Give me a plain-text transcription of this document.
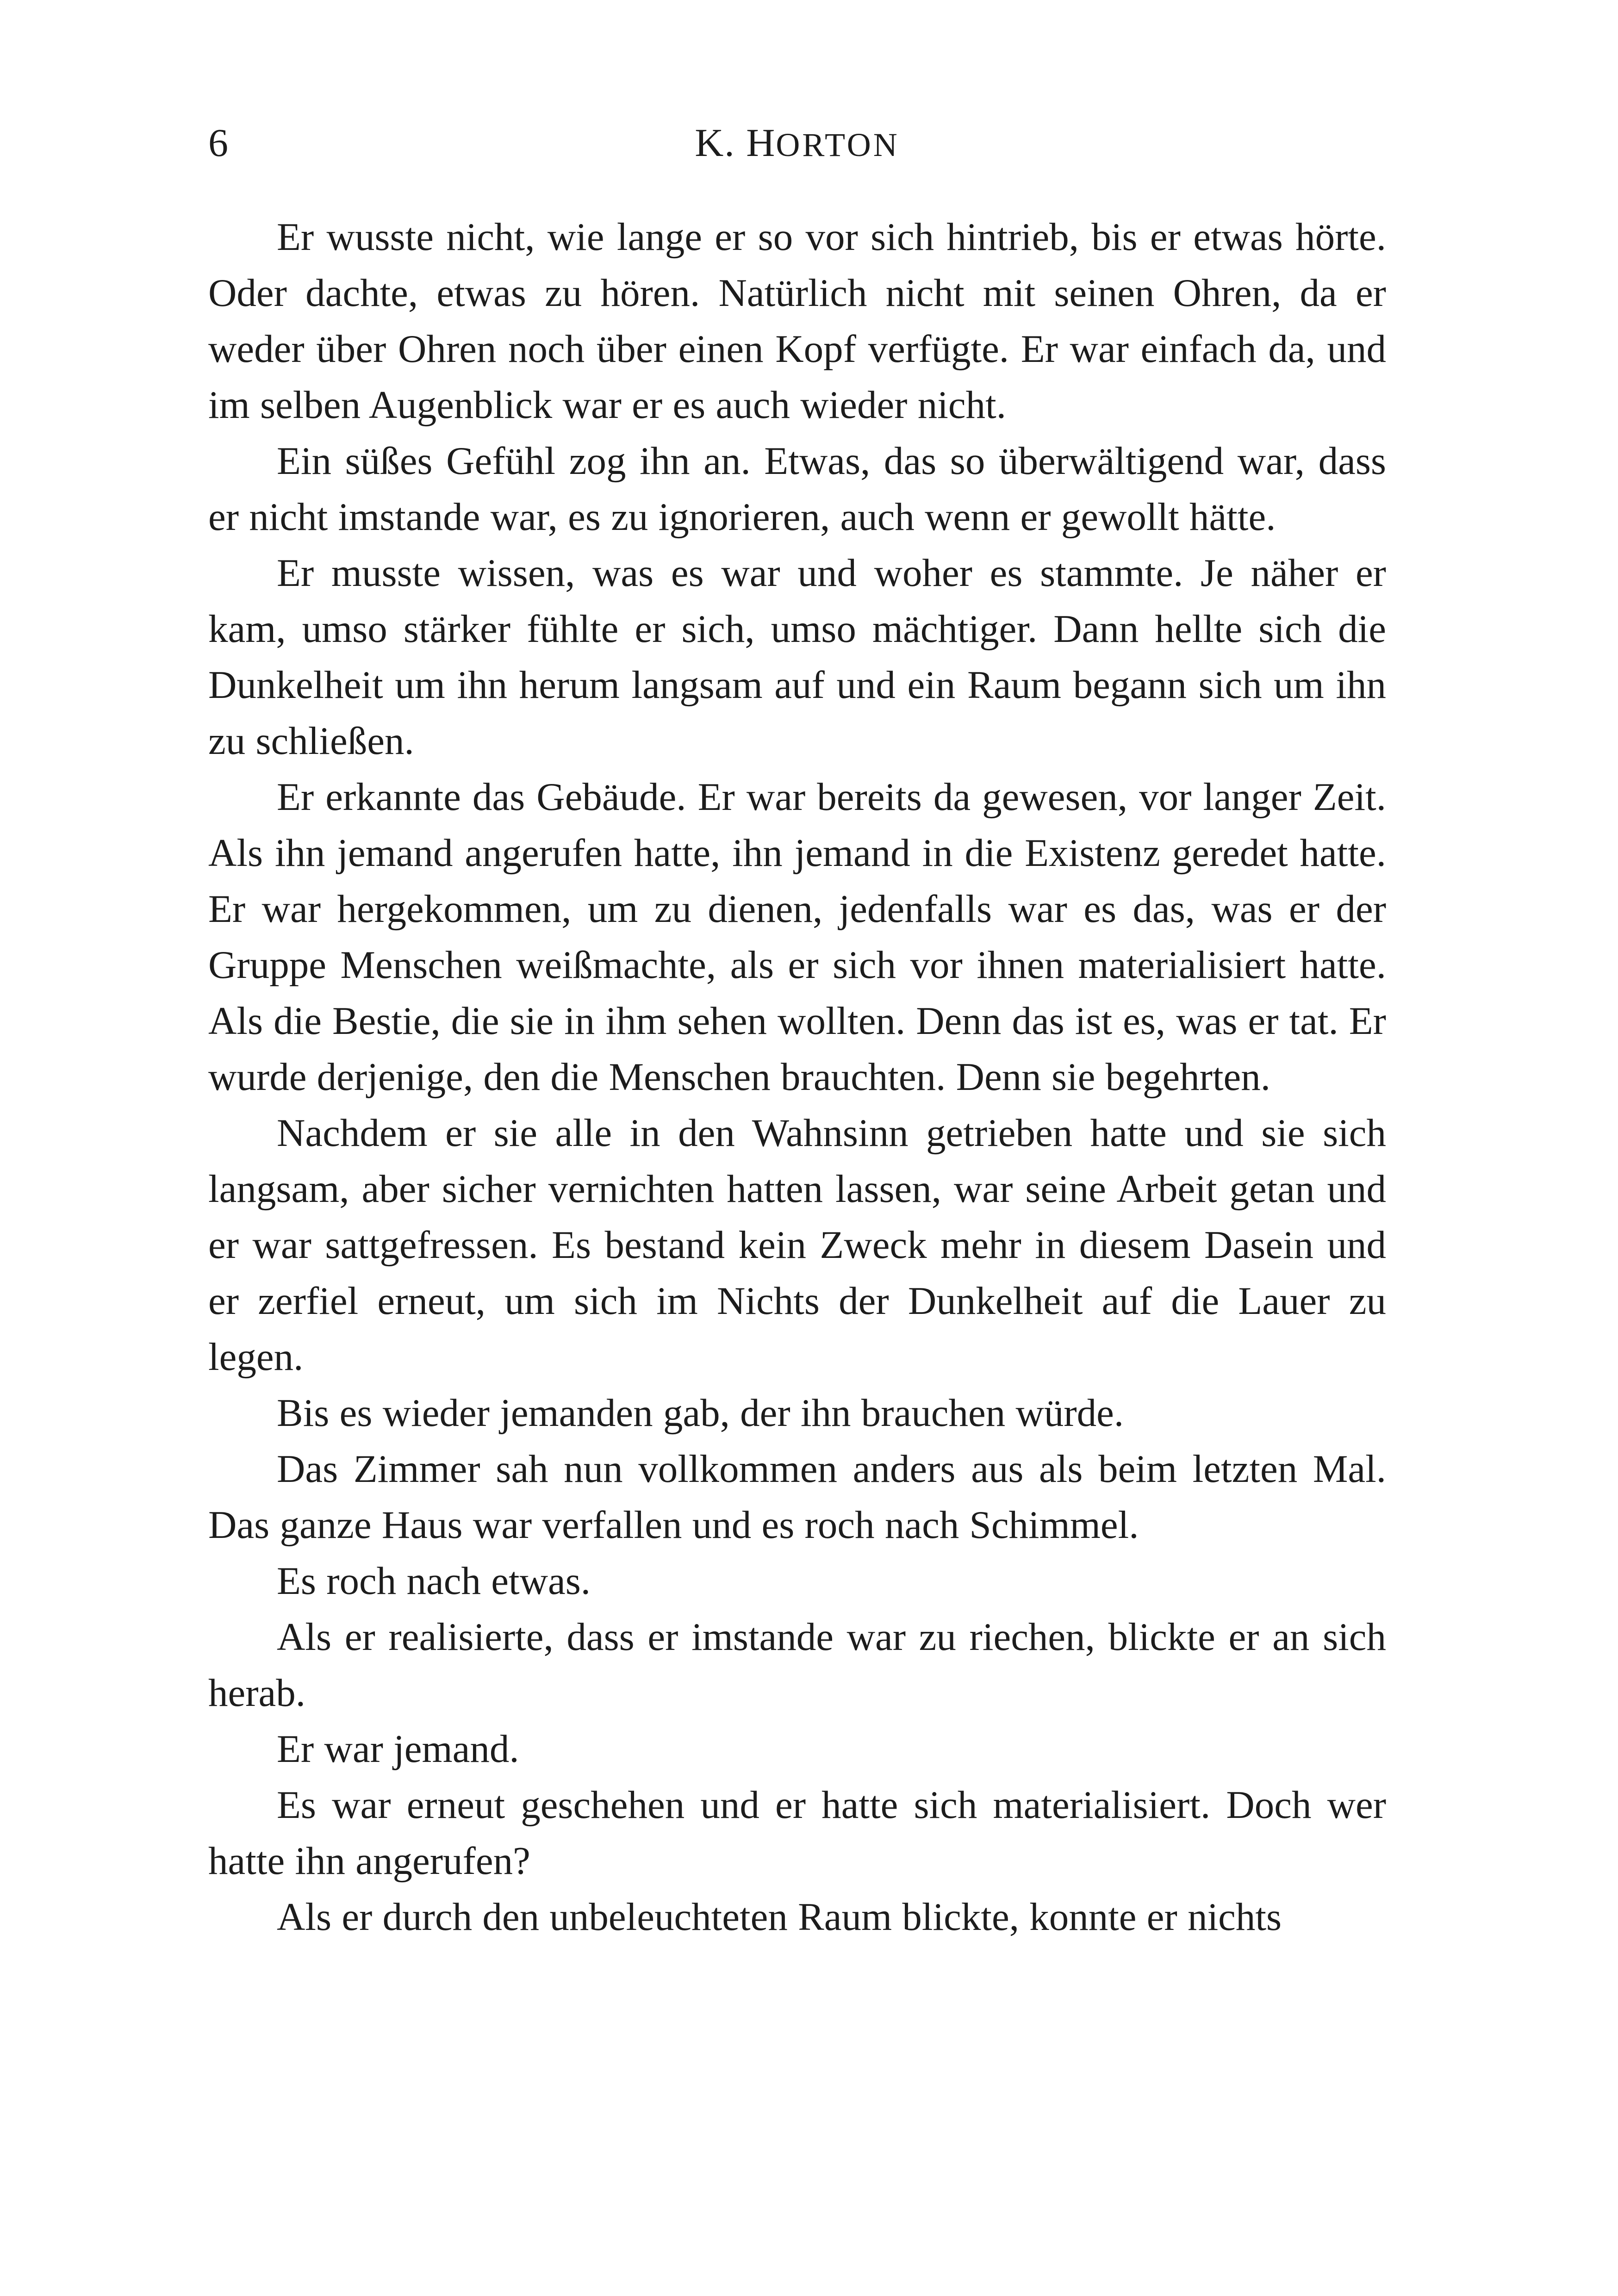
6	K. HORTON

Er wusste nicht, wie lange er so vor sich hintrieb, bis er etwas hörte. Oder dachte, etwas zu hören. Natürlich nicht mit seinen Ohren, da er weder über Ohren noch über einen Kopf verfügte. Er war einfach da, und im selben Augenblick war er es auch wieder nicht.

Ein süßes Gefühl zog ihn an. Etwas, das so überwältigend war, dass er nicht imstande war, es zu ignorieren, auch wenn er gewollt hätte.

Er musste wissen, was es war und woher es stammte. Je näher er kam, umso stärker fühlte er sich, umso mächtiger. Dann hellte sich die Dunkelheit um ihn herum langsam auf und ein Raum begann sich um ihn zu schließen.

Er erkannte das Gebäude. Er war bereits da gewesen, vor langer Zeit. Als ihn jemand angerufen hatte, ihn jemand in die Existenz geredet hatte. Er war hergekommen, um zu dienen, jedenfalls war es das, was er der Gruppe Menschen weißmachte, als er sich vor ihnen materialisiert hatte. Als die Bestie, die sie in ihm sehen wollten. Denn das ist es, was er tat. Er wurde derjenige, den die Menschen brauchten. Denn sie begehrten.

Nachdem er sie alle in den Wahnsinn getrieben hatte und sie sich langsam, aber sicher vernichten hatten lassen, war seine Arbeit getan und er war sattgefressen. Es bestand kein Zweck mehr in diesem Dasein und er zerfiel erneut, um sich im Nichts der Dunkelheit auf die Lauer zu legen.

Bis es wieder jemanden gab, der ihn brauchen würde.

Das Zimmer sah nun vollkommen anders aus als beim letzten Mal. Das ganze Haus war verfallen und es roch nach Schimmel.

Es roch nach etwas.

Als er realisierte, dass er imstande war zu riechen, blickte er an sich herab.

Er war jemand.

Es war erneut geschehen und er hatte sich materialisiert. Doch wer hatte ihn angerufen?

Als er durch den unbeleuchteten Raum blickte, konnte er nichts
